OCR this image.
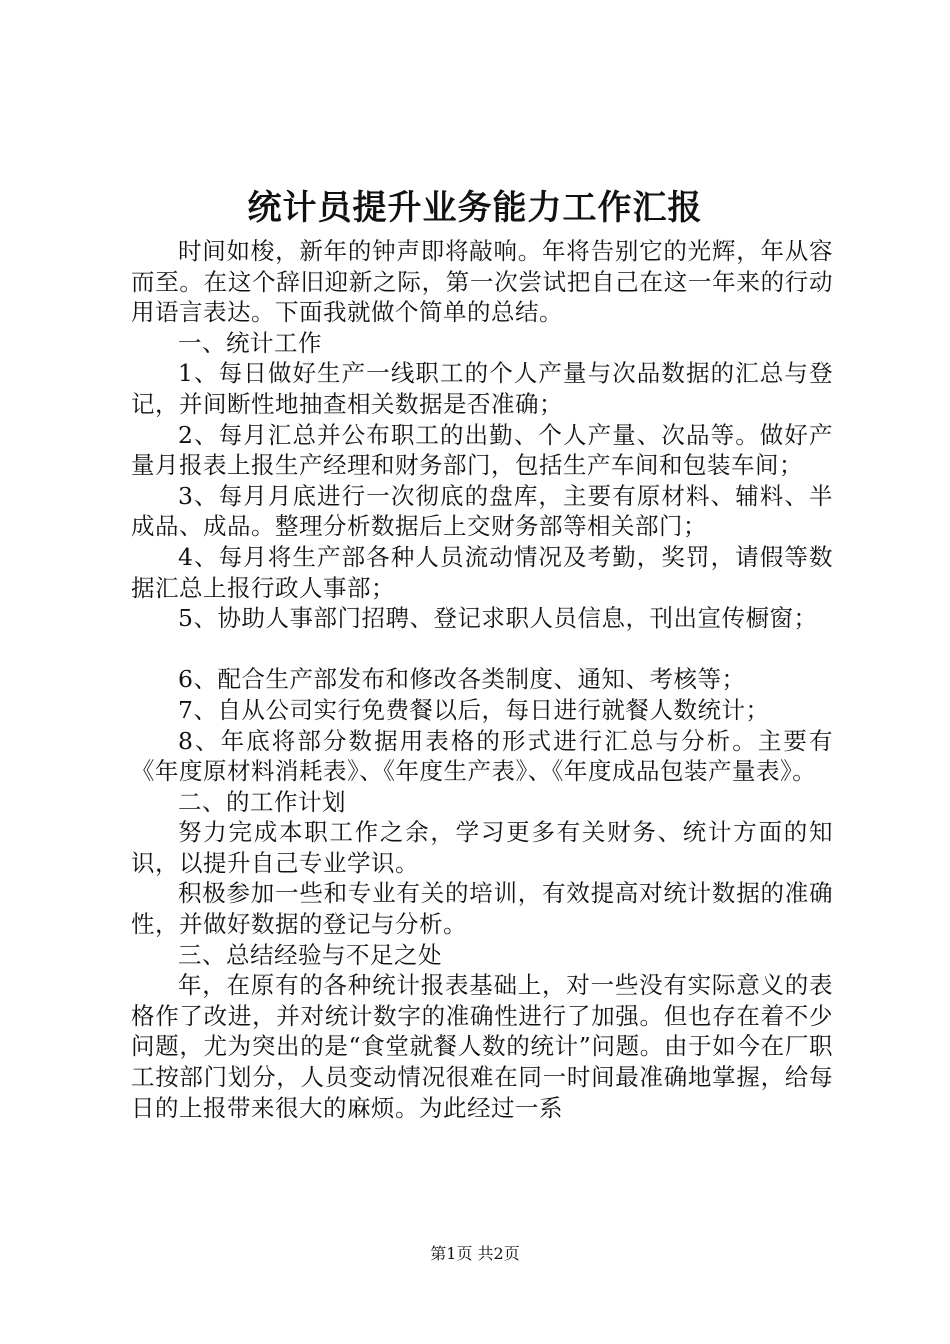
统计员提升业务能力工作汇报

时间如梭，新年的钟声即将敲响。年将告别它的光辉，年从容而至。在这个辞旧迎新之际，第一次尝试把自己在这一年来的行动用语言表达。下面我就做个简单的总结。

一、统计工作

1、每日做好生产一线职工的个人产量与次品数据的汇总与登记，并间断性地抽查相关数据是否准确；

2、每月汇总并公布职工的出勤、个人产量、次品等。做好产量月报表上报生产经理和财务部门，包括生产车间和包装车间；

3、每月月底进行一次彻底的盘库，主要有原材料、辅料、半成品、成品。整理分析数据后上交财务部等相关部门；

4、每月将生产部各种人员流动情况及考勤，奖罚，请假等数据汇总上报行政人事部；

5、协助人事部门招聘、登记求职人员信息，刊出宣传橱窗；

6、配合生产部发布和修改各类制度、通知、考核等；

7、自从公司实行免费餐以后，每日进行就餐人数统计；

8、年底将部分数据用表格的形式进行汇总与分析。主要有《年度原材料消耗表》、《年度生产表》、《年度成品包装产量表》。

二、的工作计划

努力完成本职工作之余，学习更多有关财务、统计方面的知识，以提升自己专业学识。

积极参加一些和专业有关的培训，有效提高对统计数据的准确性，并做好数据的登记与分析。

三、总结经验与不足之处

年，在原有的各种统计报表基础上，对一些没有实际意义的表格作了改进，并对统计数字的准确性进行了加强。但也存在着不少问题，尤为突出的是“食堂就餐人数的统计”问题。由于如今在厂职工按部门划分，人员变动情况很难在同一时间最准确地掌握，给每日的上报带来很大的麻烦。为此经过一系

第1页 共2页
